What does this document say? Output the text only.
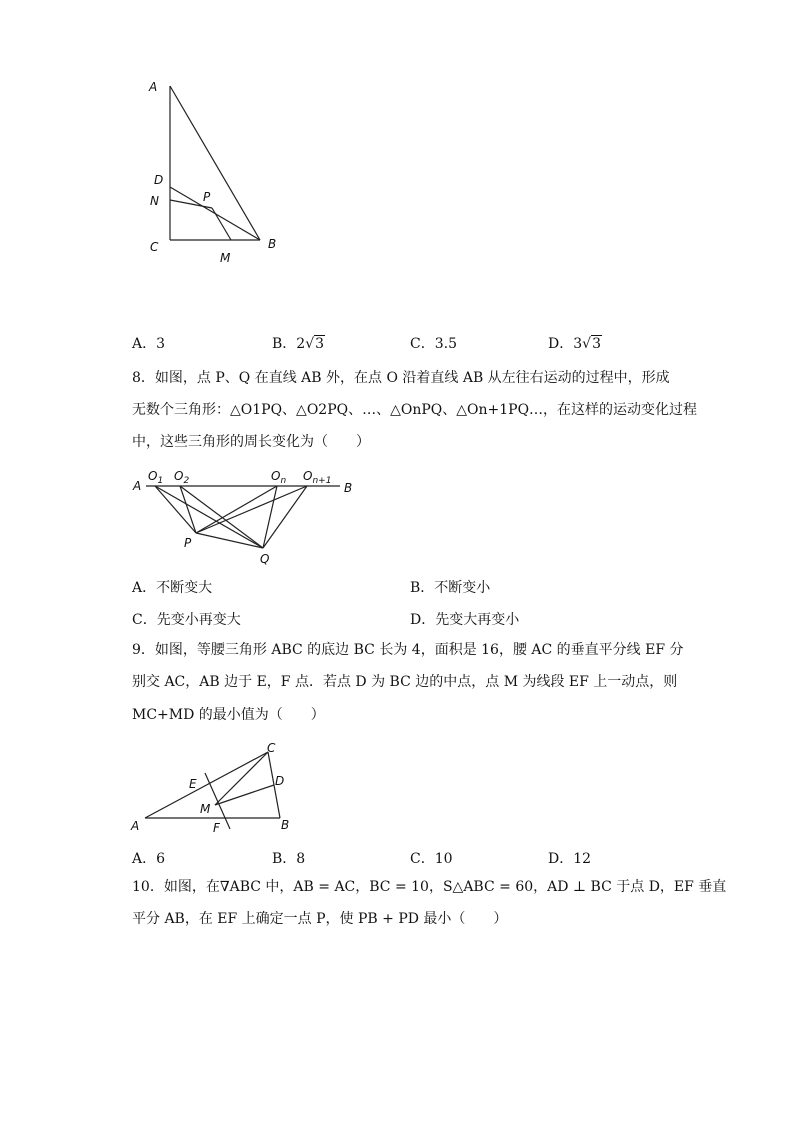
A
D
N	P
C
M
B
A．3	B．2√3	C．3.5	D．3√3
8．如图，点 P、Q 在直线 AB 外，在点 O 沿着直线 AB 从左往右运动的过程中，形成
无数个三角形：△O1PQ、△O2PQ、…、△OnPQ、△On+1PQ…，在这样的运动变化过程
中，这些三角形的周长变化为（　　）
A	B
$O_1$ $O_2$	$O_n$ $O_{n+1}$
P
Q
A．不断变大	B．不断变小
C．先变小再变大	D．先变大再变小
9．如图，等腰三角形 ABC 的底边 BC 长为 4，面积是 16，腰 AC 的垂直平分线 EF 分
别交 AC，AB 边于 E，F 点．若点 D 为 BC 边的中点，点 M 为线段 EF 上一动点，则
MC+MD 的最小值为（　　）
A	B
C
D
E
F
M
A．6	B．8	C．10	D．12
10．如图，在∇ABC 中，AB = AC，BC = 10，S△ABC = 60，AD ⊥ BC 于点 D，EF 垂直
平分 AB，在 EF 上确定一点 P，使 PB + PD 最小（　　）
